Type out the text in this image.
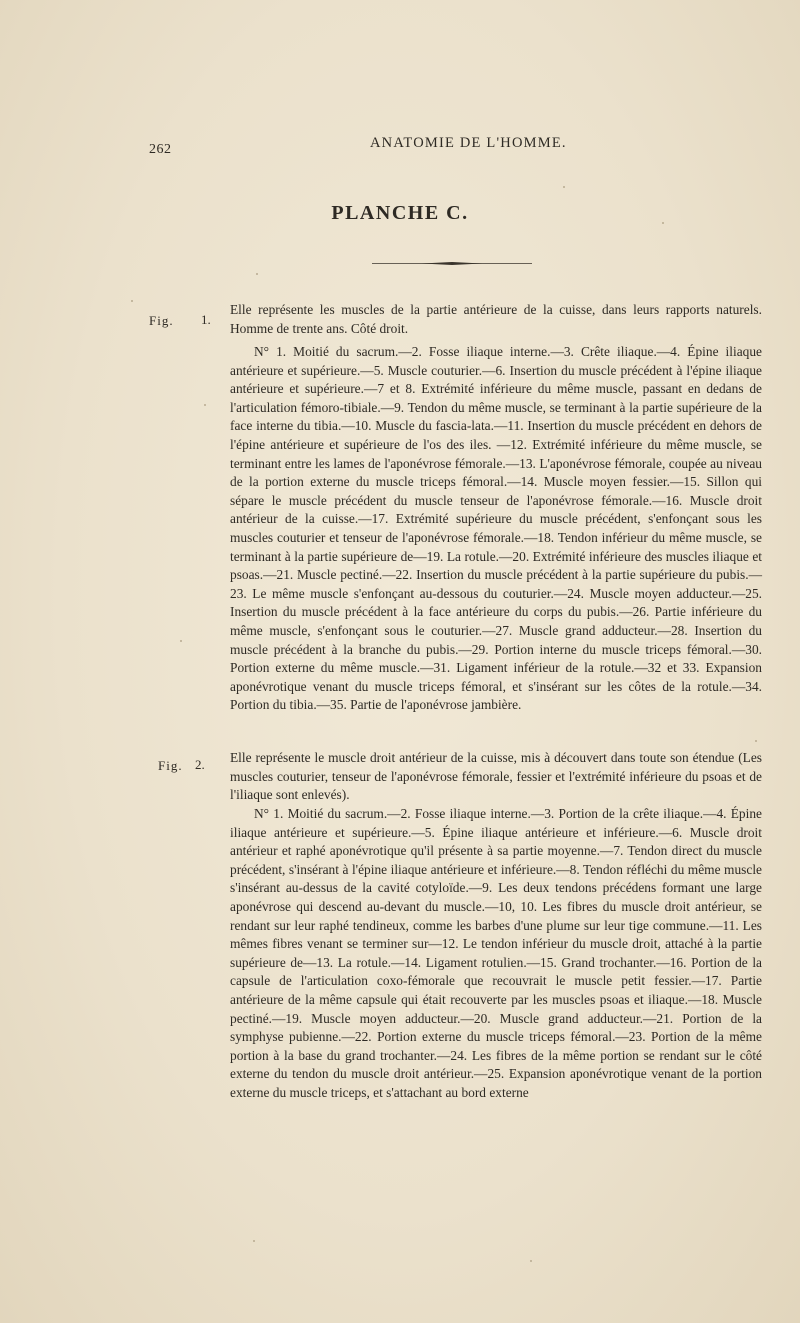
262	ANATOMIE DE L'HOMME.
PLANCHE C.
Fig. 1.
Elle représente les muscles de la partie antérieure de la cuisse, dans leurs rapports naturels. Homme de trente ans. Côté droit.
N° 1. Moitié du sacrum.—2. Fosse iliaque interne.—3. Crête iliaque.—4. Épine iliaque antérieure et supérieure.—5. Muscle couturier.—6. Insertion du muscle précédent à l'épine iliaque antérieure et supérieure.—7 et 8. Extrémité inférieure du même muscle, passant en dedans de l'articulation fémoro-tibiale.—9. Tendon du même muscle, se terminant à la partie supérieure de la face interne du tibia.—10. Muscle du fascia-lata.—11. Insertion du muscle précédent en dehors de l'épine antérieure et supérieure de l'os des iles. —12. Extrémité inférieure du même muscle, se terminant entre les lames de l'aponévrose fémorale.—13. L'aponévrose fémorale, coupée au niveau de la portion externe du muscle triceps fémoral.—14. Muscle moyen fessier.—15. Sillon qui sépare le muscle précédent du muscle tenseur de l'aponévrose fémorale.—16. Muscle droit antérieur de la cuisse.—17. Extrémité supérieure du muscle précédent, s'enfonçant sous les muscles couturier et tenseur de l'aponévrose fémorale.—18. Tendon inférieur du même muscle, se terminant à la partie supérieure de—19. La rotule.—20. Extrémité inférieure des muscles iliaque et psoas.—21. Muscle pectiné.—22. Insertion du muscle précédent à la partie supérieure du pubis.—23. Le même muscle s'enfonçant au-dessous du couturier.—24. Muscle moyen adducteur.—25. Insertion du muscle précédent à la face antérieure du corps du pubis.—26. Partie inférieure du même muscle, s'enfonçant sous le couturier.—27. Muscle grand adducteur.—28. Insertion du muscle précédent à la branche du pubis.—29. Portion interne du muscle triceps fémoral.—30. Portion externe du même muscle.—31. Ligament inférieur de la rotule.—32 et 33. Expansion aponévrotique venant du muscle triceps fémoral, et s'insérant sur les côtes de la rotule.—34. Portion du tibia.—35. Partie de l'aponévrose jambière.
Fig. 2. Elle représente le muscle droit antérieur de la cuisse, mis à découvert dans toute son étendue (Les muscles couturier, tenseur de l'aponévrose fémorale, fessier et l'extrémité inférieure du psoas et de l'iliaque sont enlevés).
N° 1. Moitié du sacrum.—2. Fosse iliaque interne.—3. Portion de la crête iliaque.—4. Épine iliaque antérieure et supérieure.—5. Épine iliaque antérieure et inférieure.—6. Muscle droit antérieur et raphé aponévrotique qu'il présente à sa partie moyenne.—7. Tendon direct du muscle précédent, s'insérant à l'épine iliaque antérieure et inférieure.—8. Tendon réfléchi du même muscle s'insérant au-dessus de la cavité cotyloïde.—9. Les deux tendons précédens formant une large aponévrose qui descend au-devant du muscle.—10, 10. Les fibres du muscle droit antérieur, se rendant sur leur raphé tendineux, comme les barbes d'une plume sur leur tige commune.—11. Les mêmes fibres venant se terminer sur—12. Le tendon inférieur du muscle droit, attaché à la partie supérieure de—13. La rotule.—14. Ligament rotulien.—15. Grand trochanter.—16. Portion de la capsule de l'articulation coxo-fémorale que recouvrait le muscle petit fessier.—17. Partie antérieure de la même capsule qui était recouverte par les muscles psoas et iliaque.—18. Muscle pectiné.—19. Muscle moyen adducteur.—20. Muscle grand adducteur.—21. Portion de la symphyse pubienne.—22. Portion externe du muscle triceps fémoral.—23. Portion de la même portion à la base du grand trochanter.—24. Les fibres de la même portion se rendant sur le côté externe du tendon du muscle droit antérieur.—25. Expansion aponévrotique venant de la portion externe du muscle triceps, et s'attachant au bord externe
